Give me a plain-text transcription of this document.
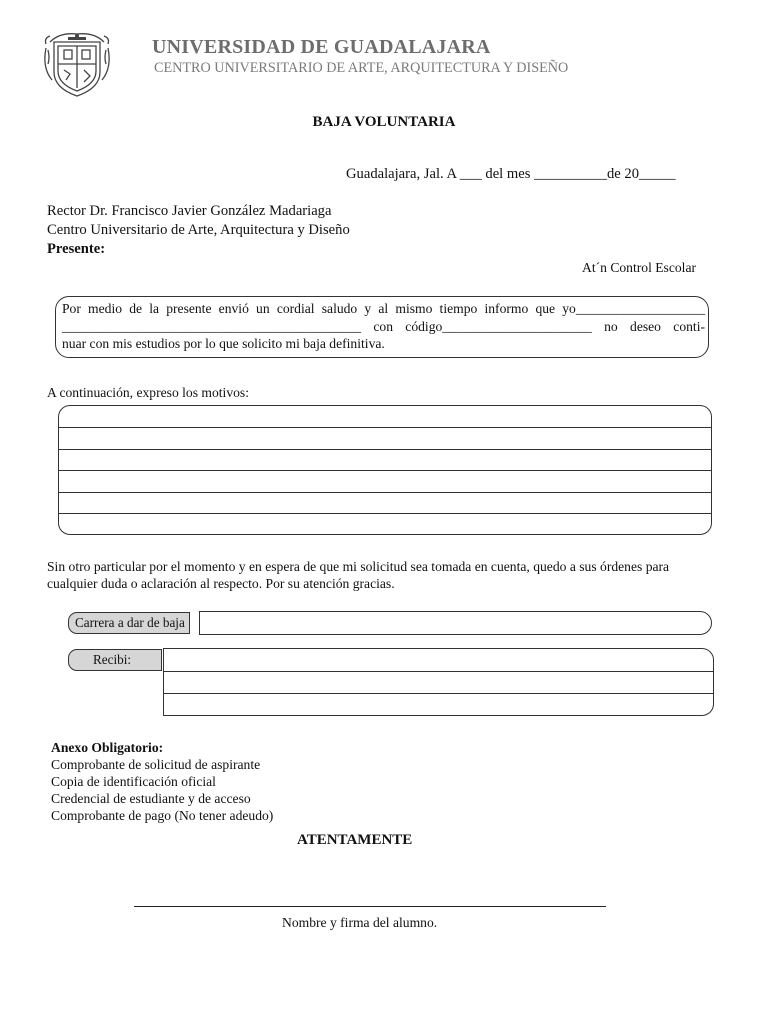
UNIVERSIDAD DE GUADALAJARA
CENTRO UNIVERSITARIO DE ARTE, ARQUITECTURA Y DISEÑO
BAJA VOLUNTARIA
Guadalajara, Jal. A ___ del mes __________de 20_____
Rector Dr. Francisco Javier González Madariaga
Centro Universitario de Arte, Arquitectura y Diseño
Presente:
At´n Control Escolar
Por medio de la presente envió un cordial saludo y al mismo tiempo informo que yo___________________
____________________________________________ con código______________________ no deseo conti-
nuar con mis estudios por lo que solicito mi baja definitiva.
A continuación, expreso los motivos:
Sin otro particular por el momento y en espera de que mi solicitud sea tomada en cuenta, quedo a sus órdenes para
cualquier duda o aclaración al respecto. Por su atención gracias.
Carrera a dar de baja
Recibi:
Anexo Obligatorio:
Comprobante de solicitud de aspirante
Copia de identificación oficial
Credencial de estudiante y de acceso
Comprobante de pago (No tener adeudo)
ATENTAMENTE
Nombre y firma del alumno.
